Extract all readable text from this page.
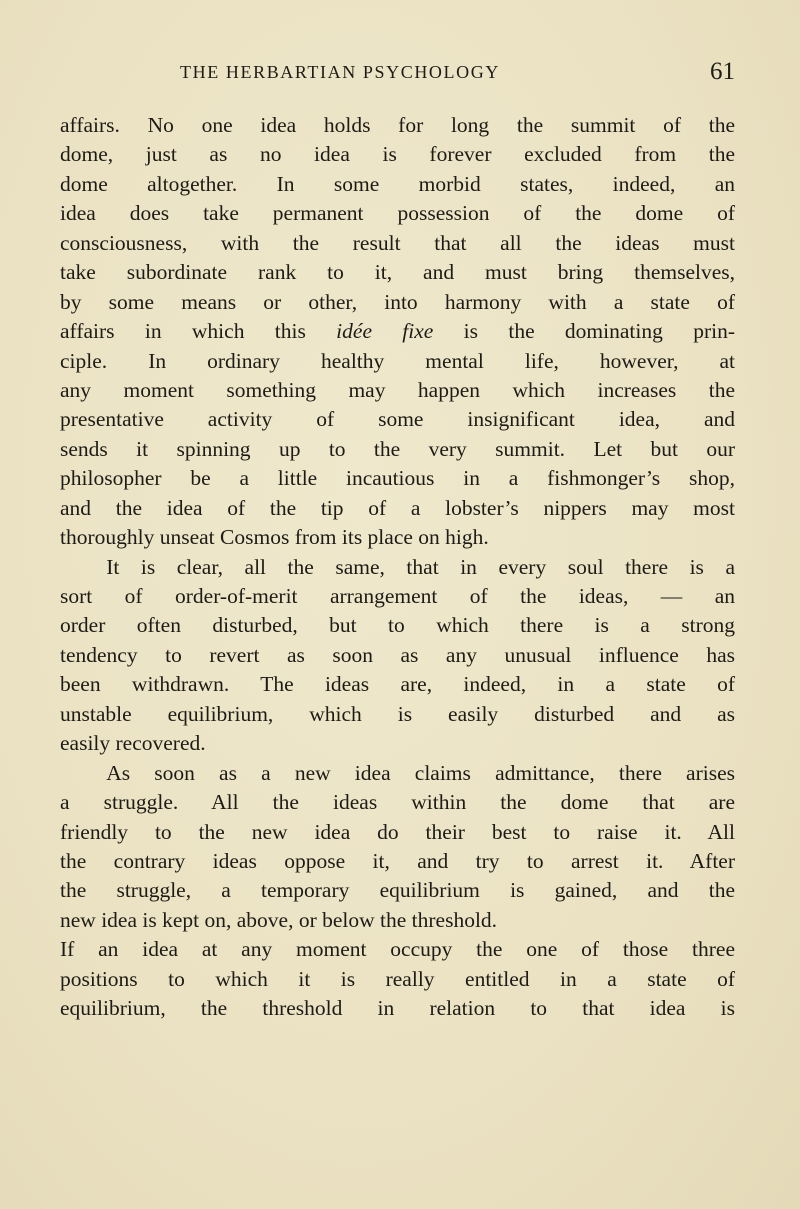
THE HERBARTIAN PSYCHOLOGY	61
affairs. No one idea holds for long the summit of the
dome, just as no idea is forever excluded from the
dome altogether. In some morbid states, indeed, an
idea does take permanent possession of the dome of
consciousness, with the result that all the ideas must
take subordinate rank to it, and must bring themselves,
by some means or other, into harmony with a state of
affairs in which this idée fixe is the dominating prin-
ciple. In ordinary healthy mental life, however, at
any moment something may happen which increases the
presentative activity of some insignificant idea, and
sends it spinning up to the very summit. Let but our
philosopher be a little incautious in a fishmonger’s shop,
and the idea of the tip of a lobster’s nippers may most
thoroughly unseat Cosmos from its place on high.
It is clear, all the same, that in every soul there is a
sort of order-of-merit arrangement of the ideas, — an
order often disturbed, but to which there is a strong
tendency to revert as soon as any unusual influence has
been withdrawn. The ideas are, indeed, in a state of
unstable equilibrium, which is easily disturbed and as
easily recovered.
As soon as a new idea claims admittance, there arises
a struggle. All the ideas within the dome that are
friendly to the new idea do their best to raise it. All
the contrary ideas oppose it, and try to arrest it. After
the struggle, a temporary equilibrium is gained, and the
new idea is kept on, above, or below the threshold.
If an idea at any moment occupy the one of those three
positions to which it is really entitled in a state of
equilibrium, the threshold in relation to that idea is
